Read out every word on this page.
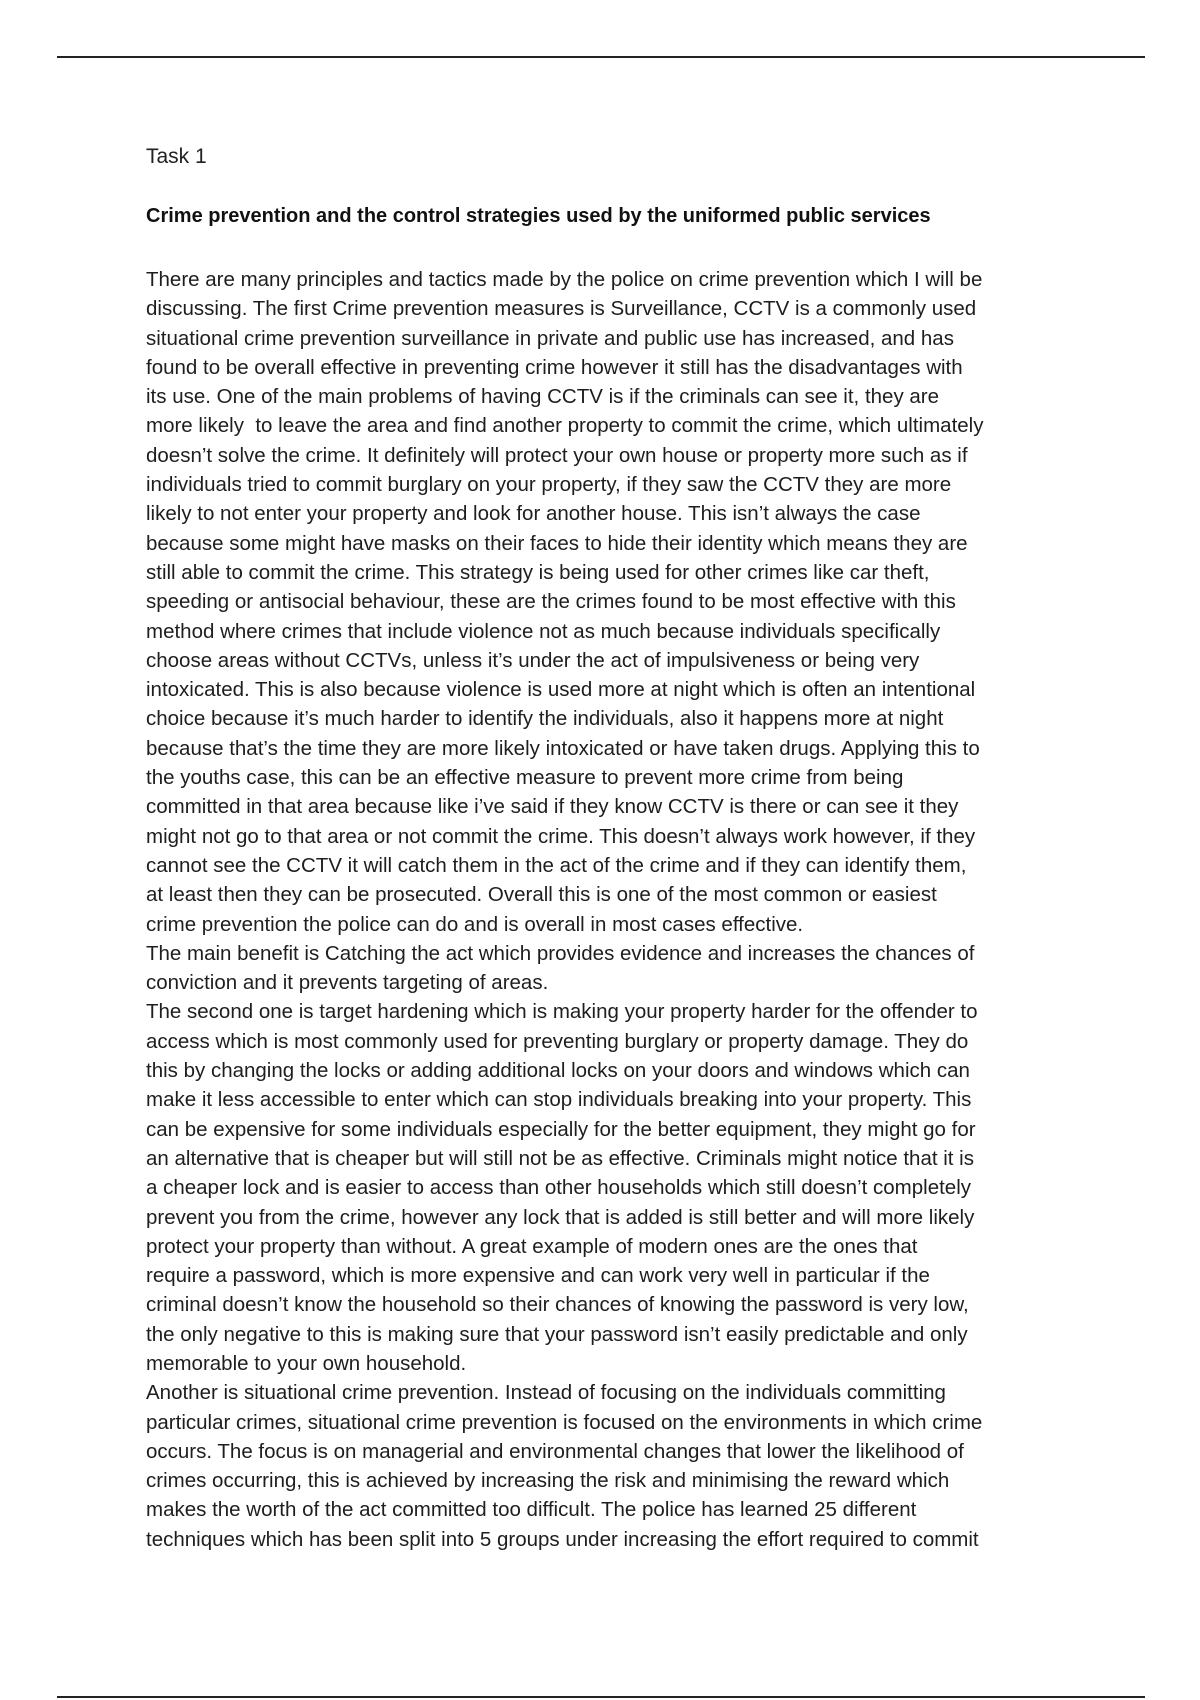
Task 1
Crime prevention and the control strategies used by the uniformed public services
There are many principles and tactics made by the police on crime prevention which I will be
discussing. The first Crime prevention measures is Surveillance, CCTV is a commonly used
situational crime prevention surveillance in private and public use has increased, and has
found to be overall effective in preventing crime however it still has the disadvantages with
its use. One of the main problems of having CCTV is if the criminals can see it, they are
more likely  to leave the area and find another property to commit the crime, which ultimately
doesn’t solve the crime. It definitely will protect your own house or property more such as if
individuals tried to commit burglary on your property, if they saw the CCTV they are more
likely to not enter your property and look for another house. This isn’t always the case
because some might have masks on their faces to hide their identity which means they are
still able to commit the crime. This strategy is being used for other crimes like car theft,
speeding or antisocial behaviour, these are the crimes found to be most effective with this
method where crimes that include violence not as much because individuals specifically
choose areas without CCTVs, unless it’s under the act of impulsiveness or being very
intoxicated. This is also because violence is used more at night which is often an intentional
choice because it’s much harder to identify the individuals, also it happens more at night
because that’s the time they are more likely intoxicated or have taken drugs. Applying this to
the youths case, this can be an effective measure to prevent more crime from being
committed in that area because like i’ve said if they know CCTV is there or can see it they
might not go to that area or not commit the crime. This doesn’t always work however, if they
cannot see the CCTV it will catch them in the act of the crime and if they can identify them,
at least then they can be prosecuted. Overall this is one of the most common or easiest
crime prevention the police can do and is overall in most cases effective.
The main benefit is Catching the act which provides evidence and increases the chances of
conviction and it prevents targeting of areas.
The second one is target hardening which is making your property harder for the offender to
access which is most commonly used for preventing burglary or property damage. They do
this by changing the locks or adding additional locks on your doors and windows which can
make it less accessible to enter which can stop individuals breaking into your property. This
can be expensive for some individuals especially for the better equipment, they might go for
an alternative that is cheaper but will still not be as effective. Criminals might notice that it is
a cheaper lock and is easier to access than other households which still doesn’t completely
prevent you from the crime, however any lock that is added is still better and will more likely
protect your property than without. A great example of modern ones are the ones that
require a password, which is more expensive and can work very well in particular if the
criminal doesn’t know the household so their chances of knowing the password is very low,
the only negative to this is making sure that your password isn’t easily predictable and only
memorable to your own household.
Another is situational crime prevention. Instead of focusing on the individuals committing
particular crimes, situational crime prevention is focused on the environments in which crime
occurs. The focus is on managerial and environmental changes that lower the likelihood of
crimes occurring, this is achieved by increasing the risk and minimising the reward which
makes the worth of the act committed too difficult. The police has learned 25 different
techniques which has been split into 5 groups under increasing the effort required to commit
